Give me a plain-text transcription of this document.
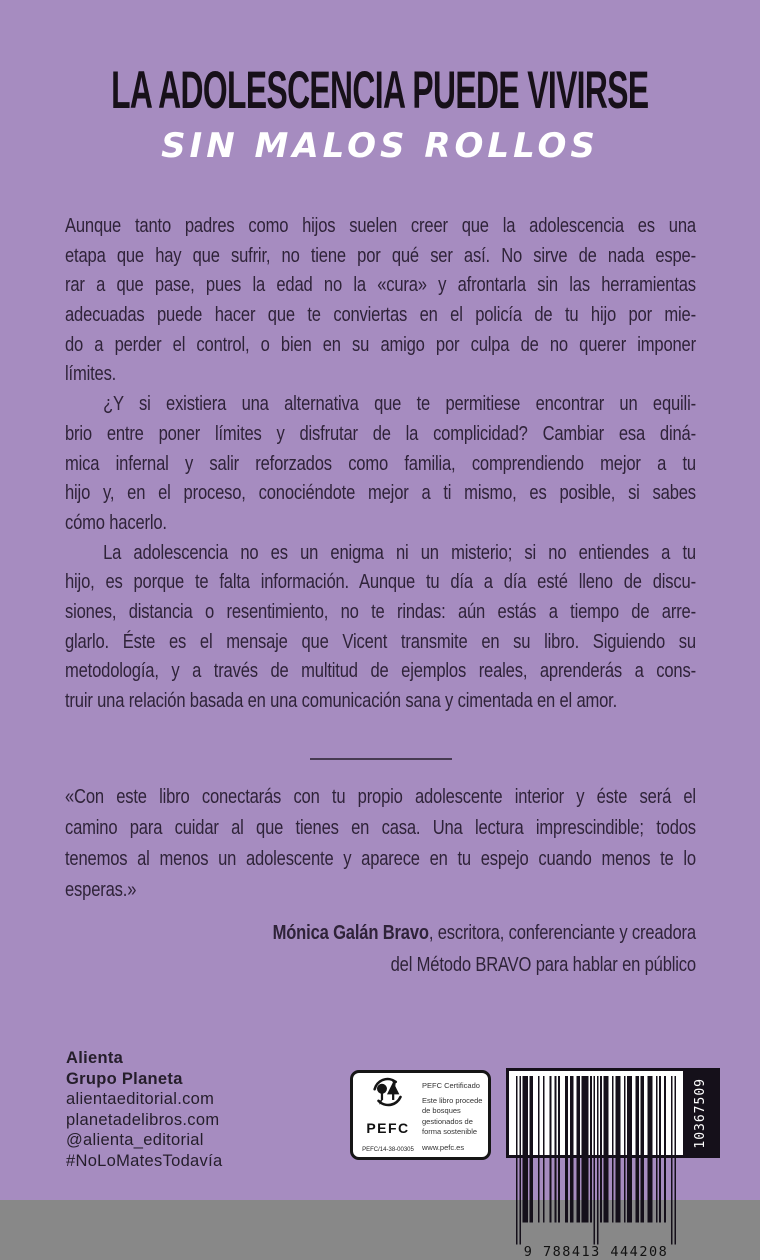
LA ADOLESCENCIA PUEDE VIVIRSE
SIN MALOS ROLLOS
Aunque tanto padres como hijos suelen creer que la adolescencia es una
etapa que hay que sufrir, no tiene por qué ser así. No sirve de nada espe-
rar a que pase, pues la edad no la «cura» y afrontarla sin las herramientas
adecuadas puede hacer que te conviertas en el policía de tu hijo por mie-
do a perder el control, o bien en su amigo por culpa de no querer imponer
límites.
¿Y si existiera una alternativa que te permitiese encontrar un equili-
brio entre poner límites y disfrutar de la complicidad? Cambiar esa diná-
mica infernal y salir reforzados como familia, comprendiendo mejor a tu
hijo y, en el proceso, conociéndote mejor a ti mismo, es posible, si sabes
cómo hacerlo.
La adolescencia no es un enigma ni un misterio; si no entiendes a tu
hijo, es porque te falta información. Aunque tu día a día esté lleno de discu-
siones, distancia o resentimiento, no te rindas: aún estás a tiempo de arre-
glarlo. Éste es el mensaje que Vicent transmite en su libro. Siguiendo su
metodología, y a través de multitud de ejemplos reales, aprenderás a cons-
truir una relación basada en una comunicación sana y cimentada en el amor.
«Con este libro conectarás con tu propio adolescente interior y éste será el
camino para cuidar al que tienes en casa. Una lectura imprescindible; todos
tenemos al menos un adolescente y aparece en tu espejo cuando menos te lo
esperas.»
Mónica Galán Bravo, escritora, conferenciante y creadora
del Método BRAVO para hablar en público
Alienta
Grupo Planeta
alientaeditorial.com
planetadelibros.com
@alienta_editorial
#NoLoMatesTodavía
PEFC
PEFC/14-38-00305
PEFC Certificado
Este libro procede de bosques gestionados de forma sostenible
www.pefc.es
9 788413 444208
10367509
